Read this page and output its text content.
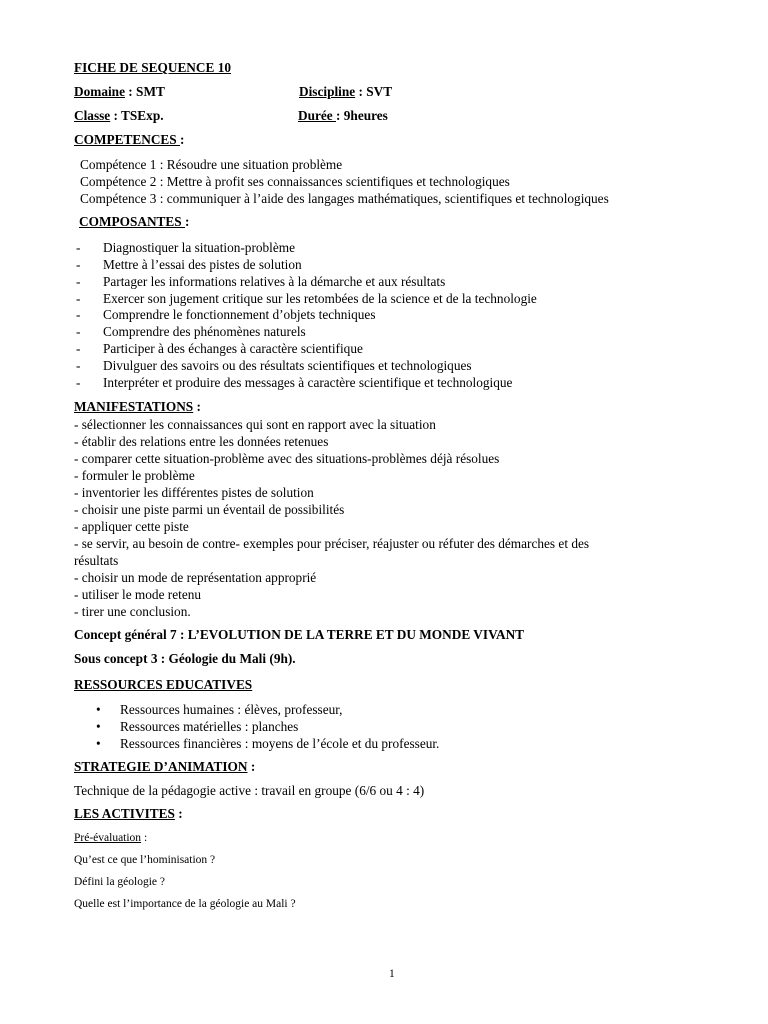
FICHE DE SEQUENCE 10
Domaine : SMT	Discipline : SVT
Classe : TSExp.	Durée : 9heures
COMPETENCES :
Compétence 1 : Résoudre une situation problème
Compétence 2 : Mettre à profit ses connaissances scientifiques et technologiques
Compétence 3 : communiquer à l’aide des langages mathématiques, scientifiques et technologiques
COMPOSANTES :
- Diagnostiquer la situation-problème
- Mettre à l’essai des pistes de solution
- Partager les informations relatives à la démarche et aux résultats
- Exercer son jugement critique sur les retombées de la science et de la technologie
- Comprendre le fonctionnement d’objets techniques
- Comprendre des phénomènes naturels
- Participer à des échanges à caractère scientifique
- Divulguer des savoirs ou des résultats scientifiques et technologiques
- Interpréter et produire des messages à caractère scientifique et technologique
MANIFESTATIONS :
- sélectionner les connaissances qui sont en rapport avec la situation
- établir des relations entre les données retenues
- comparer cette situation-problème avec des situations-problèmes déjà résolues
- formuler le problème
- inventorier les différentes pistes de solution
- choisir une piste parmi un éventail de possibilités
- appliquer cette piste
- se servir, au besoin de contre- exemples pour préciser, réajuster ou réfuter des démarches et des
résultats
- choisir un mode de représentation approprié
- utiliser le mode retenu
- tirer une conclusion.
Concept général 7 : L’EVOLUTION DE LA TERRE ET DU MONDE VIVANT
Sous concept 3 : Géologie du Mali (9h).
RESSOURCES EDUCATIVES
• Ressources humaines : élèves, professeur,
• Ressources matérielles : planches
• Ressources financières : moyens de l’école et du professeur.
STRATEGIE D’ANIMATION :
Technique de la pédagogie active : travail en groupe (6/6 ou 4 : 4)
LES ACTIVITES :
Pré-évaluation :
Qu’est ce que l’hominisation ?
Défini la géologie ?
Quelle est l’importance de la géologie au Mali ?
1
